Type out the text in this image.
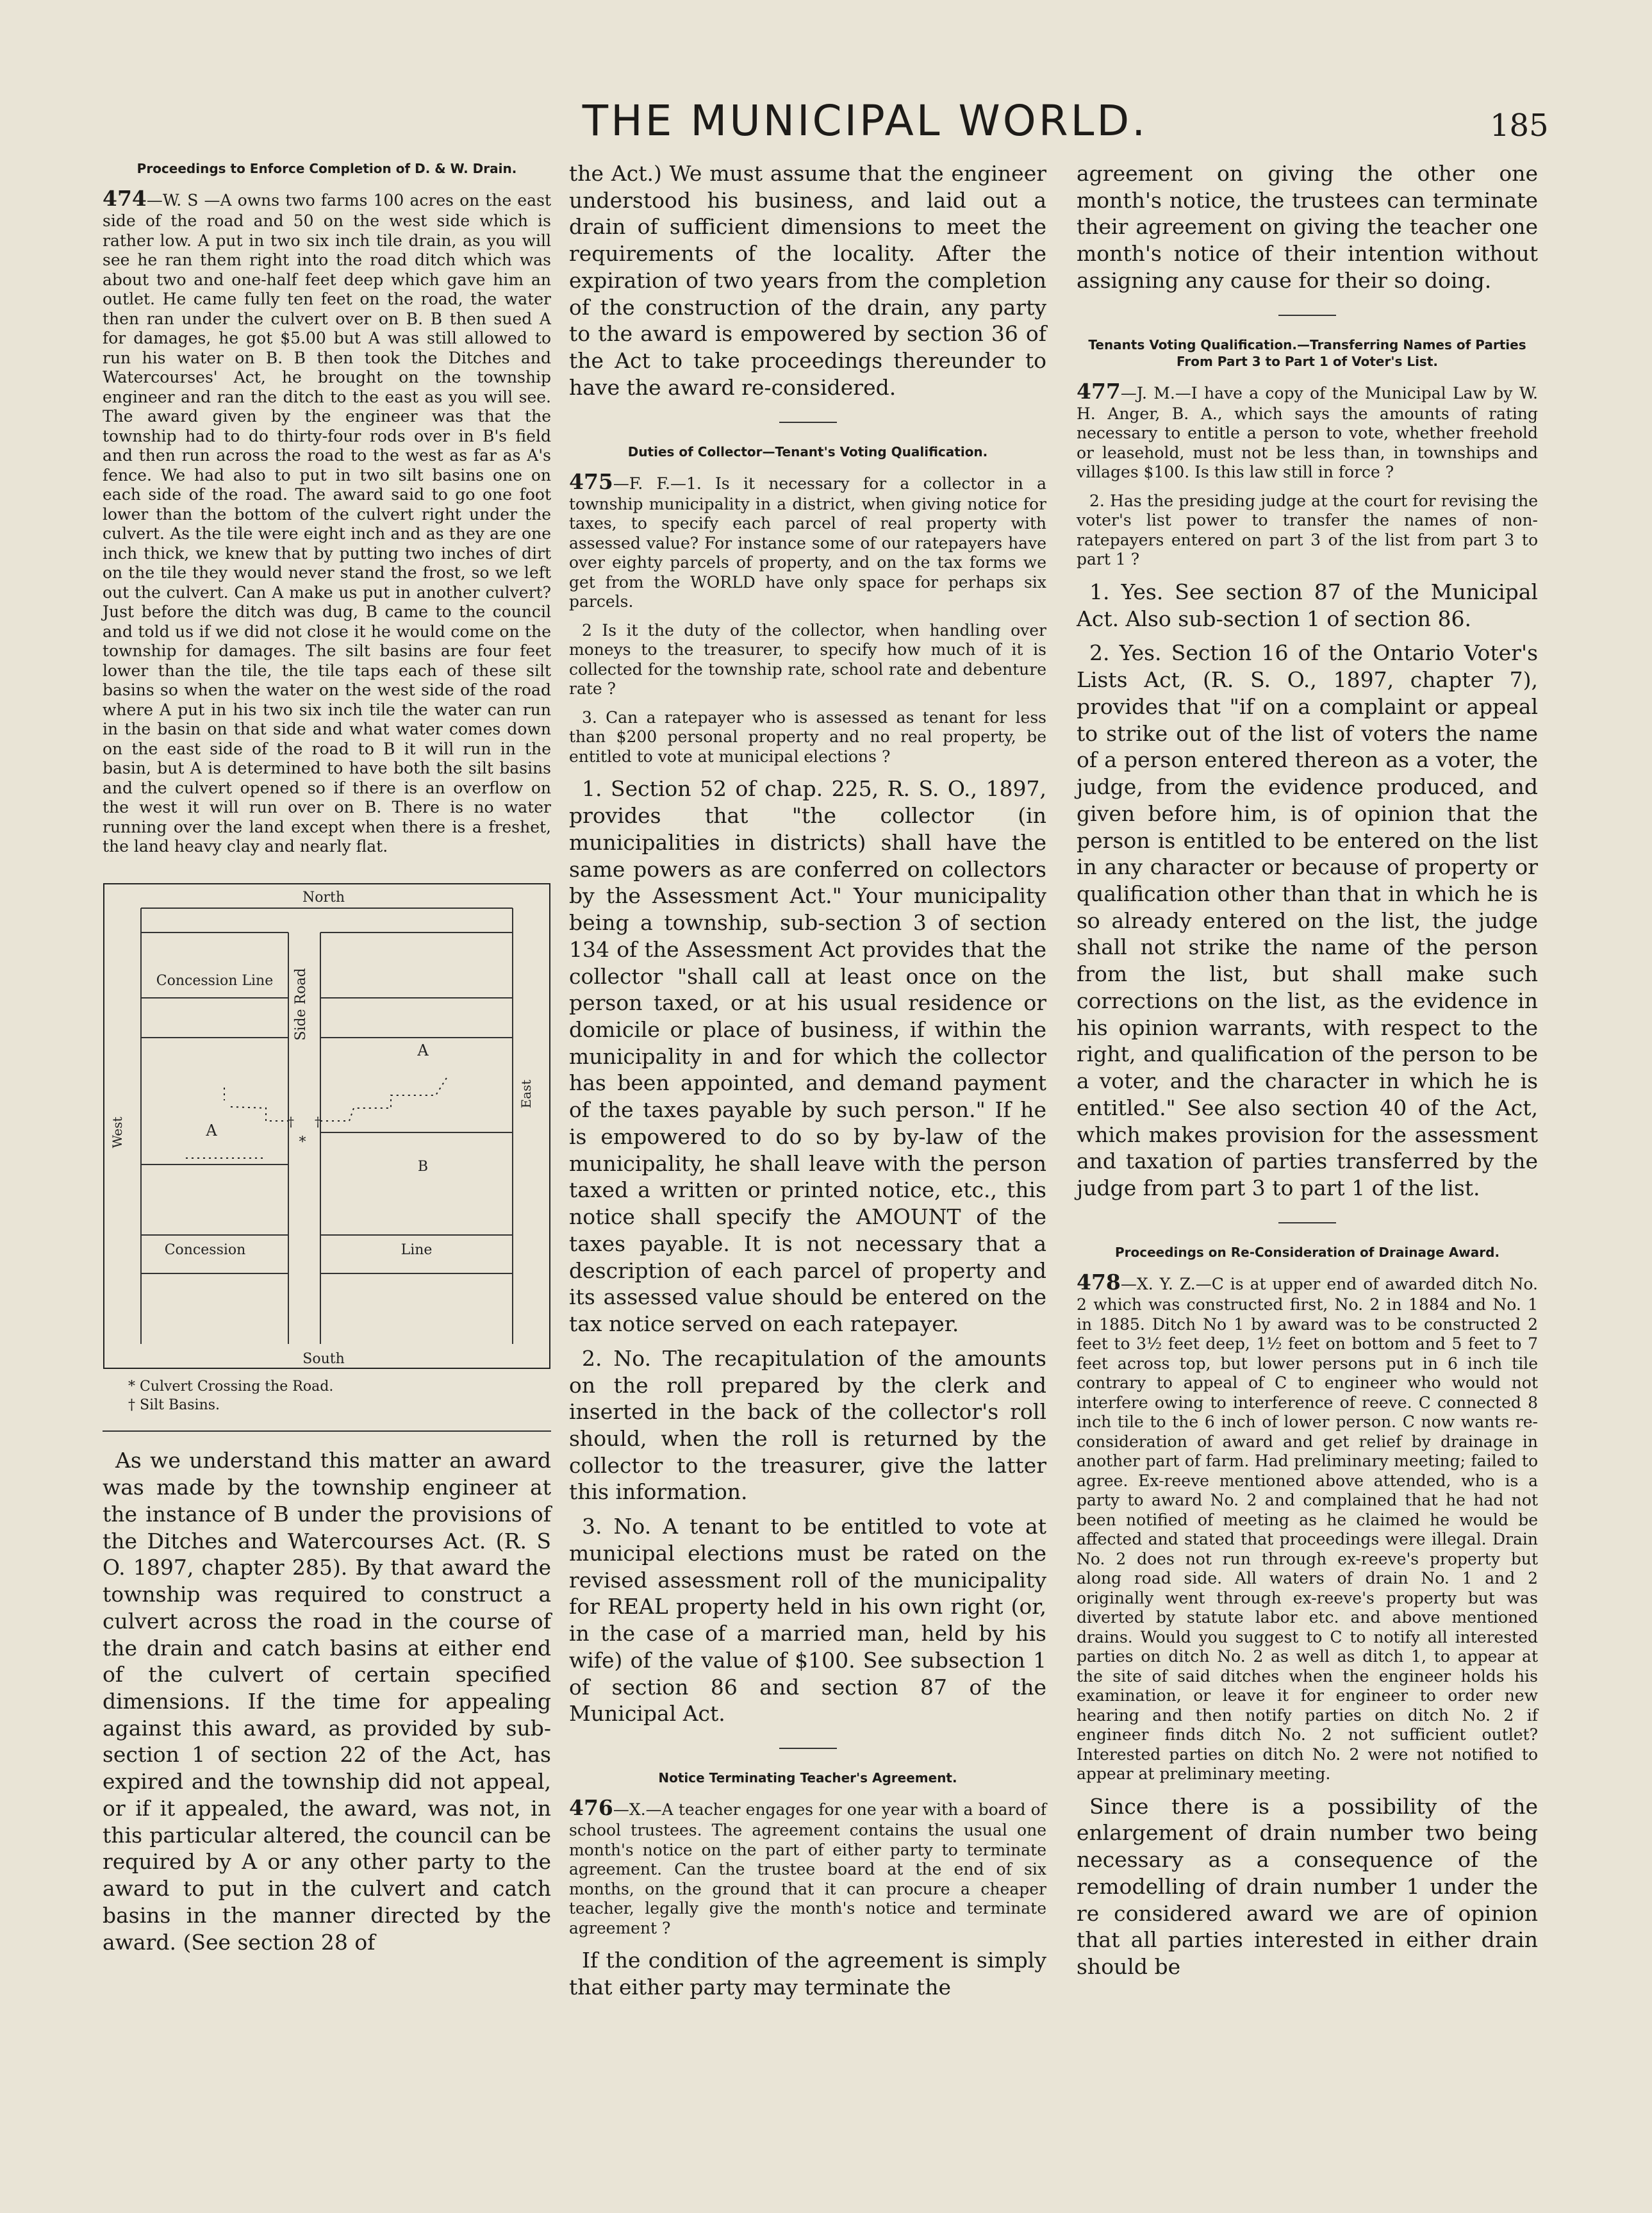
THE MUNICIPAL WORLD.	185

Proceedings to Enforce Completion of D. & W. Drain.

474—W. S —A owns two farms 100 acres on the east side of the road and 50 on the west side which is rather low. A put in two six inch tile drain, as you will see he ran them right into the road ditch which was about two and one-half feet deep which gave him an outlet. He came fully ten feet on the road, the water then ran under the culvert over on B. B then sued A for damages, he got $5.00 but A was still allowed to run his water on B. B then took the Ditches and Watercourses' Act, he brought on the township engineer and ran the ditch to the east as you will see. The award given by the engineer was that the township had to do thirty-four rods over in B's field and then run across the road to the west as far as A's fence. We had also to put in two silt basins one on each side of the road. The award said to go one foot lower than the bottom of the culvert right under the culvert. As the tile were eight inch and as they are one inch thick, we knew that by putting two inches of dirt on the tile they would never stand the frost, so we left out the culvert. Can A make us put in another culvert? Just before the ditch was dug, B came to the council and told us if we did not close it he would come on the township for damages. The silt basins are four feet lower than the tile, the tile taps each of these silt basins so when the water on the west side of the road where A put in his two six inch tile the water can run in the basin on that side and what water comes down on the east side of the road to B it will run in the basin, but A is determined to have both the silt basins and the culvert opened so if there is an overflow on the west it will run over on B. There is no water running over the land except when there is a freshet, the land heavy clay and nearly flat.

North
South
West
East
Side Road
Concession Line
Concession	Line
A
A
B
*
† †

* Culvert Crossing the Road.

† Silt Basins.

As we understand this matter an award was made by the township engineer at the instance of B under the provisions of the Ditches and Watercourses Act. (R. S O. 1897, chapter 285). By that award the township was required to construct a culvert across the road in the course of the drain and catch basins at either end of the culvert of certain specified dimensions. If the time for appealing against this award, as provided by sub-section 1 of section 22 of the Act, has expired and the township did not appeal, or if it appealed, the award, was not, in this particular altered, the council can be required by A or any other party to the award to put in the culvert and catch basins in the manner directed by the award. (See section 28 of

the Act.) We must assume that the engineer understood his business, and laid out a drain of sufficient dimensions to meet the requirements of the locality. After the expiration of two years from the completion of the construction of the drain, any party to the award is empowered by section 36 of the Act to take proceedings thereunder to have the award re-considered.

Duties of Collector—Tenant's Voting Qualification.

475—F. F.—1. Is it necessary for a collector in a township municipality in a district, when giving notice for taxes, to specify each parcel of real property with assessed value? For instance some of our ratepayers have over eighty parcels of property, and on the tax forms we get from the WORLD have only space for perhaps six parcels.

2 Is it the duty of the collector, when handling over moneys to the treasurer, to specify how much of it is collected for the township rate, school rate and debenture rate ?

3. Can a ratepayer who is assessed as tenant for less than $200 personal property and no real property, be entitled to vote at municipal elections ?

1. Section 52 of chap. 225, R. S. O., 1897, provides that "the collector (in municipalities in districts) shall have the same powers as are conferred on collectors by the Assessment Act." Your municipality being a township, sub-section 3 of section 134 of the Assessment Act provides that the collector "shall call at least once on the person taxed, or at his usual residence or domicile or place of business, if within the municipality in and for which the collector has been appointed, and demand payment of the taxes payable by such person." If he is empowered to do so by by-law of the municipality, he shall leave with the person taxed a written or printed notice, etc., this notice shall specify the AMOUNT of the taxes payable. It is not necessary that a description of each parcel of property and its assessed value should be entered on the tax notice served on each ratepayer.

2. No. The recapitulation of the amounts on the roll prepared by the clerk and inserted in the back of the collector's roll should, when the roll is returned by the collector to the treasurer, give the latter this information.

3. No. A tenant to be entitled to vote at municipal elections must be rated on the revised assessment roll of the municipality for REAL property held in his own right (or, in the case of a married man, held by his wife) of the value of $100. See subsection 1 of section 86 and section 87 of the Municipal Act.

Notice Terminating Teacher's Agreement.

476—X.—A teacher engages for one year with a board of school trustees. The agreement contains the usual one month's notice on the part of either party to terminate agreement. Can the trustee board at the end of six months, on the ground that it can procure a cheaper teacher, legally give the month's notice and terminate agreement ?

If the condition of the agreement is simply that either party may terminate the

agreement on giving the other one month's notice, the trustees can terminate their agreement on giving the teacher one month's notice of their intention without assigning any cause for their so doing.

Tenants Voting Qualification.—Transferring Names of Parties From Part 3 to Part 1 of Voter's List.

477—J. M.—I have a copy of the Municipal Law by W. H. Anger, B. A., which says the amounts of rating necessary to entitle a person to vote, whether freehold or leasehold, must not be less than, in townships and villages $100. Is this law still in force ?

2. Has the presiding judge at the court for revising the voter's list power to transfer the names of non-ratepayers entered on part 3 of the list from part 3 to part 1 ?

1. Yes. See section 87 of the Municipal Act. Also sub-section 1 of section 86.

2. Yes. Section 16 of the Ontario Voter's Lists Act, (R. S. O., 1897, chapter 7), provides that "if on a complaint or appeal to strike out of the list of voters the name of a person entered thereon as a voter, the judge, from the evidence produced, and given before him, is of opinion that the person is entitled to be entered on the list in any character or because of property or qualification other than that in which he is so already entered on the list, the judge shall not strike the name of the person from the list, but shall make such corrections on the list, as the evidence in his opinion warrants, with respect to the right, and qualification of the person to be a voter, and the character in which he is entitled." See also section 40 of the Act, which makes provision for the assessment and taxation of parties transferred by the judge from part 3 to part 1 of the list.

Proceedings on Re-Consideration of Drainage Award.

478—X. Y. Z.—C is at upper end of awarded ditch No. 2 which was constructed first, No. 2 in 1884 and No. 1 in 1885. Ditch No 1 by award was to be constructed 2 feet to 3½ feet deep, 1½ feet on bottom and 5 feet to 7 feet across top, but lower persons put in 6 inch tile contrary to appeal of C to engineer who would not interfere owing to interference of reeve. C connected 8 inch tile to the 6 inch of lower person. C now wants re-consideration of award and get relief by drainage in another part of farm. Had preliminary meeting; failed to agree. Ex-reeve mentioned above attended, who is a party to award No. 2 and complained that he had not been notified of meeting as he claimed he would be affected and stated that proceedings were illegal. Drain No. 2 does not run through ex-reeve's property but along road side. All waters of drain No. 1 and 2 originally went through ex-reeve's property but was diverted by statute labor etc. and above mentioned drains. Would you suggest to C to notify all interested parties on ditch No. 2 as well as ditch 1, to appear at the site of said ditches when the engineer holds his examination, or leave it for engineer to order new hearing and then notify parties on ditch No. 2 if engineer finds ditch No. 2 not sufficient outlet? Interested parties on ditch No. 2 were not notified to appear at preliminary meeting.

Since there is a possibility of the enlargement of drain number two being necessary as a consequence of the remodelling of drain number 1 under the re considered award we are of opinion that all parties interested in either drain should be
